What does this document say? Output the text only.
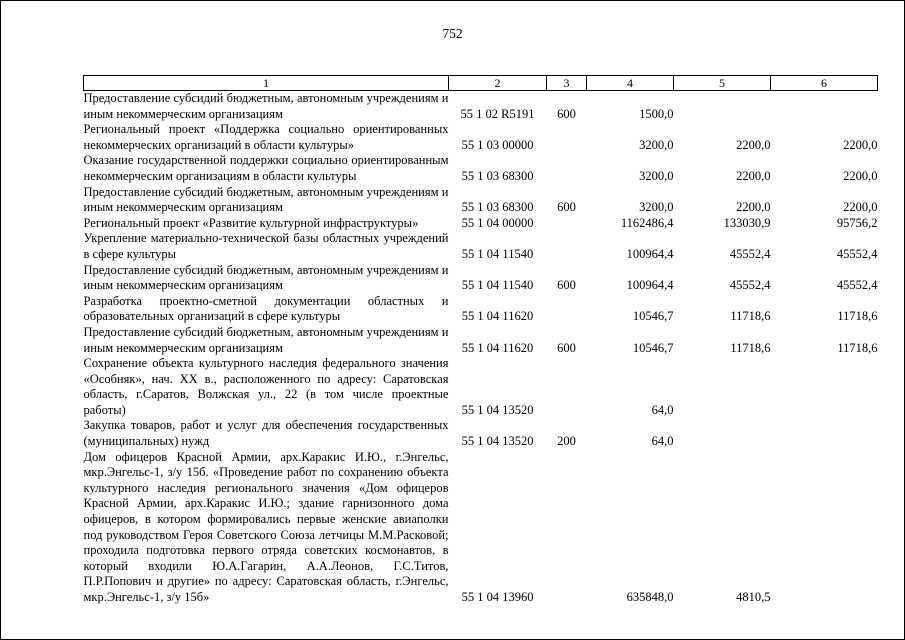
752
1	2	3	4	5	6
Предоставление субсидий бюджетным, автономным учреждениям и иным некоммерческим организациям	55 1 02 R5191	600	1500,0		
Региональный проект «Поддержка социально ориентированных некоммерческих организаций в области культуры»	55 1 03 00000		3200,0	2200,0	2200,0
Оказание государственной поддержки социально ориентированным некоммерческим организациям в области культуры	55 1 03 68300		3200,0	2200,0	2200,0
Предоставление субсидий бюджетным, автономным учреждениям и иным некоммерческим организациям	55 1 03 68300	600	3200,0	2200,0	2200,0
Региональный проект «Развитие культурной инфраструктуры»	55 1 04 00000		1162486,4	133030,9	95756,2
Укрепление материально-технической базы областных учреждений в сфере культуры	55 1 04 11540		100964,4	45552,4	45552,4
Предоставление субсидий бюджетным, автономным учреждениям и иным некоммерческим организациям	55 1 04 11540	600	100964,4	45552,4	45552,4
Разработка проектно-сметной документации областных и образовательных организаций в сфере культуры	55 1 04 11620		10546,7	11718,6	11718,6
Предоставление субсидий бюджетным, автономным учреждениям и иным некоммерческим организациям	55 1 04 11620	600	10546,7	11718,6	11718,6
Сохранение объекта культурного наследия федерального значения «Особняк», нач. XX в., расположенного по адресу: Саратовская область, г.Саратов, Волжская ул., 22 (в том числе проектные работы)	55 1 04 13520		64,0		
Закупка товаров, работ и услуг для обеспечения государственных (муниципальных) нужд	55 1 04 13520	200	64,0		
Дом офицеров Красной Армии, арх.Каракис И.Ю., г.Энгельс, мкр.Энгельс-1, з/у 15б. «Проведение работ по сохранению объекта культурного наследия регионального значения «Дом офицеров Красной Армии, арх.Каракис И.Ю.; здание гарнизонного дома офицеров, в котором формировались первые женские авиаполки под руководством Героя Советского Союза летчицы М.М.Расковой; проходила подготовка первого отряда советских космонавтов, в который входили Ю.А.Гагарин, А.А.Леонов, Г.С.Титов, П.Р.Попович и другие» по адресу: Саратовская область, г.Энгельс, мкр.Энгельс-1, з/у 15б»	55 1 04 13960		635848,0	4810,5	
